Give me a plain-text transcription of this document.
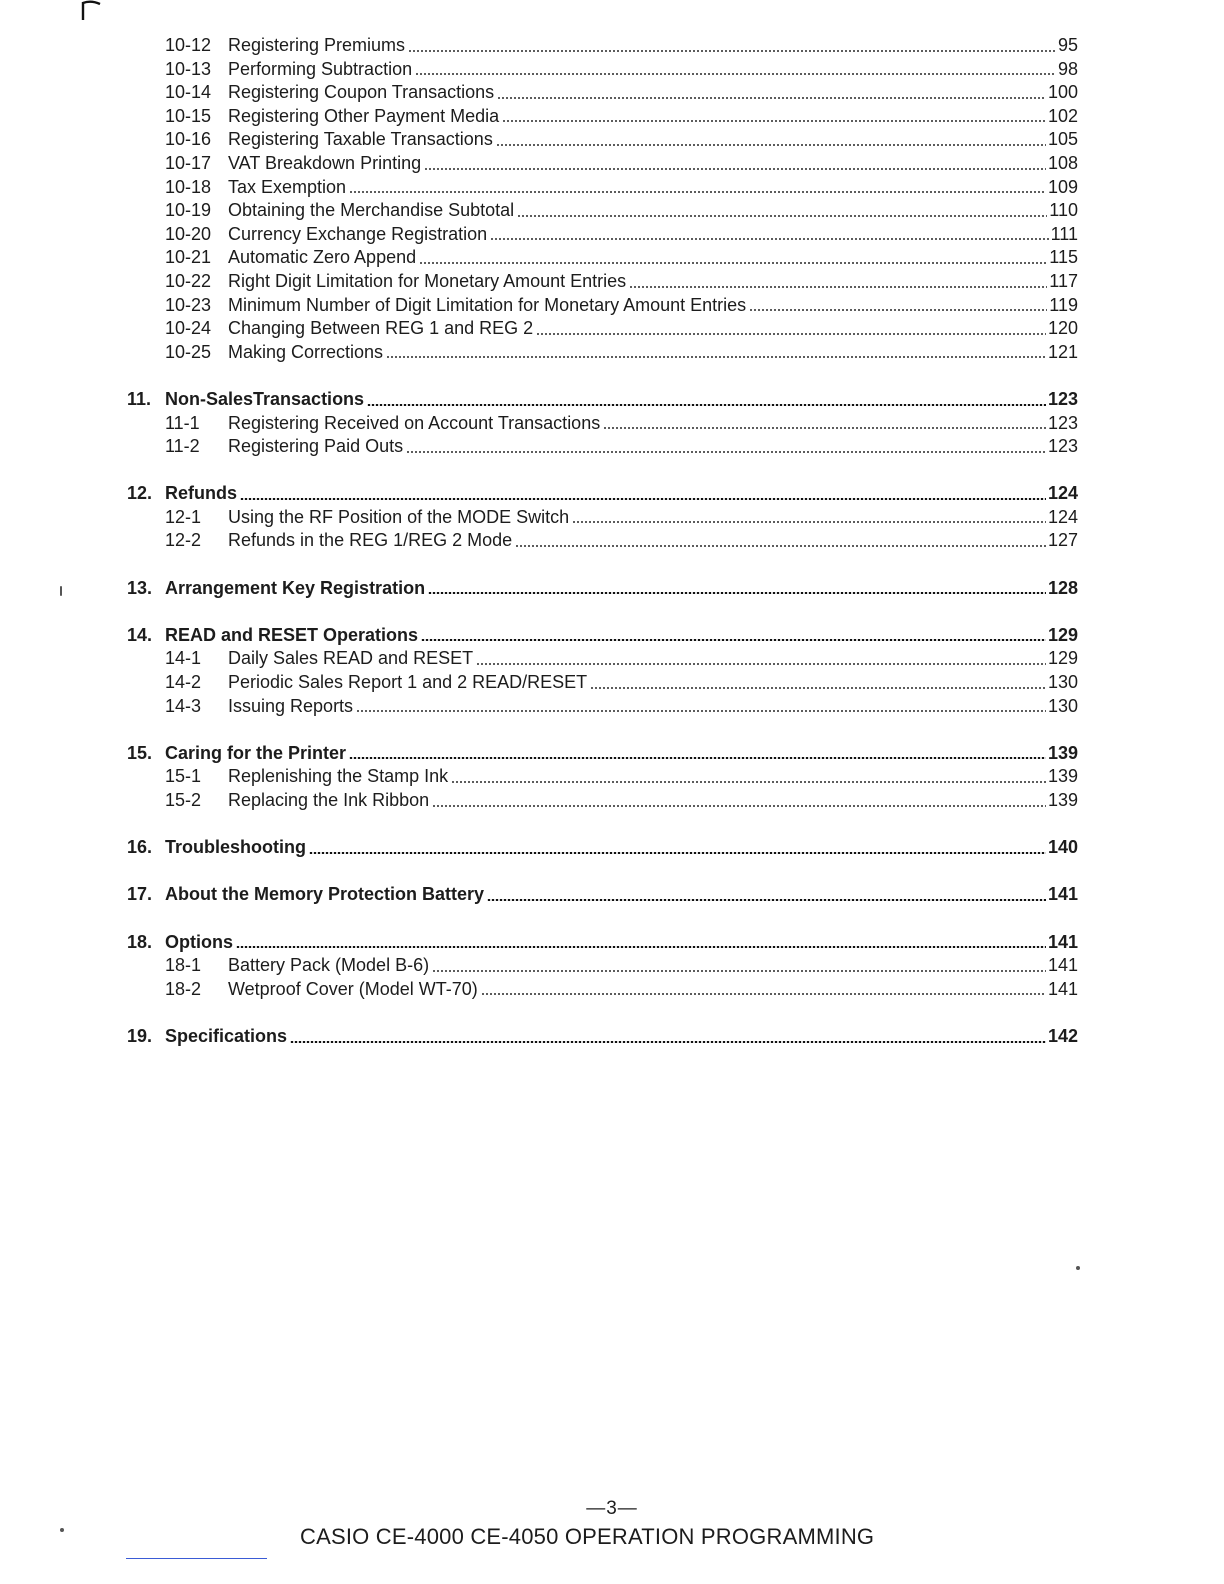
10-12 Registering Premiums	95
10-13 Performing Subtraction	98
10-14 Registering Coupon Transactions	100
10-15 Registering Other Payment Media	102
10-16 Registering Taxable Transactions	105
10-17 VAT Breakdown Printing	108
10-18 Tax Exemption	109
10-19 Obtaining the Merchandise Subtotal	110
10-20 Currency Exchange Registration	111
10-21 Automatic Zero Append	115
10-22 Right Digit Limitation for Monetary Amount Entries	117
10-23 Minimum Number of Digit Limitation for Monetary Amount Entries	119
10-24 Changing Between REG 1 and REG 2	120
10-25 Making Corrections	121
11. Non-SalesTransactions	123
11-1 Registering Received on Account Transactions	123
11-2 Registering Paid Outs	123
12. Refunds	124
12-1 Using the RF Position of the MODE Switch	124
12-2 Refunds in the REG 1/REG 2 Mode	127
13. Arrangement Key Registration	128
14. READ and RESET Operations	129
14-1 Daily Sales READ and RESET	129
14-2 Periodic Sales Report 1 and 2 READ/RESET	130
14-3 Issuing Reports	130
15. Caring for the Printer	139
15-1 Replenishing the Stamp Ink	139
15-2 Replacing the Ink Ribbon	139
16. Troubleshooting	140
17. About the Memory Protection Battery	141
18. Options	141
18-1 Battery Pack (Model B-6)	141
18-2 Wetproof Cover (Model WT-70)	141
19. Specifications	142
—3—
CASIO CE-4000 CE-4050 OPERATION PROGRAMMING
